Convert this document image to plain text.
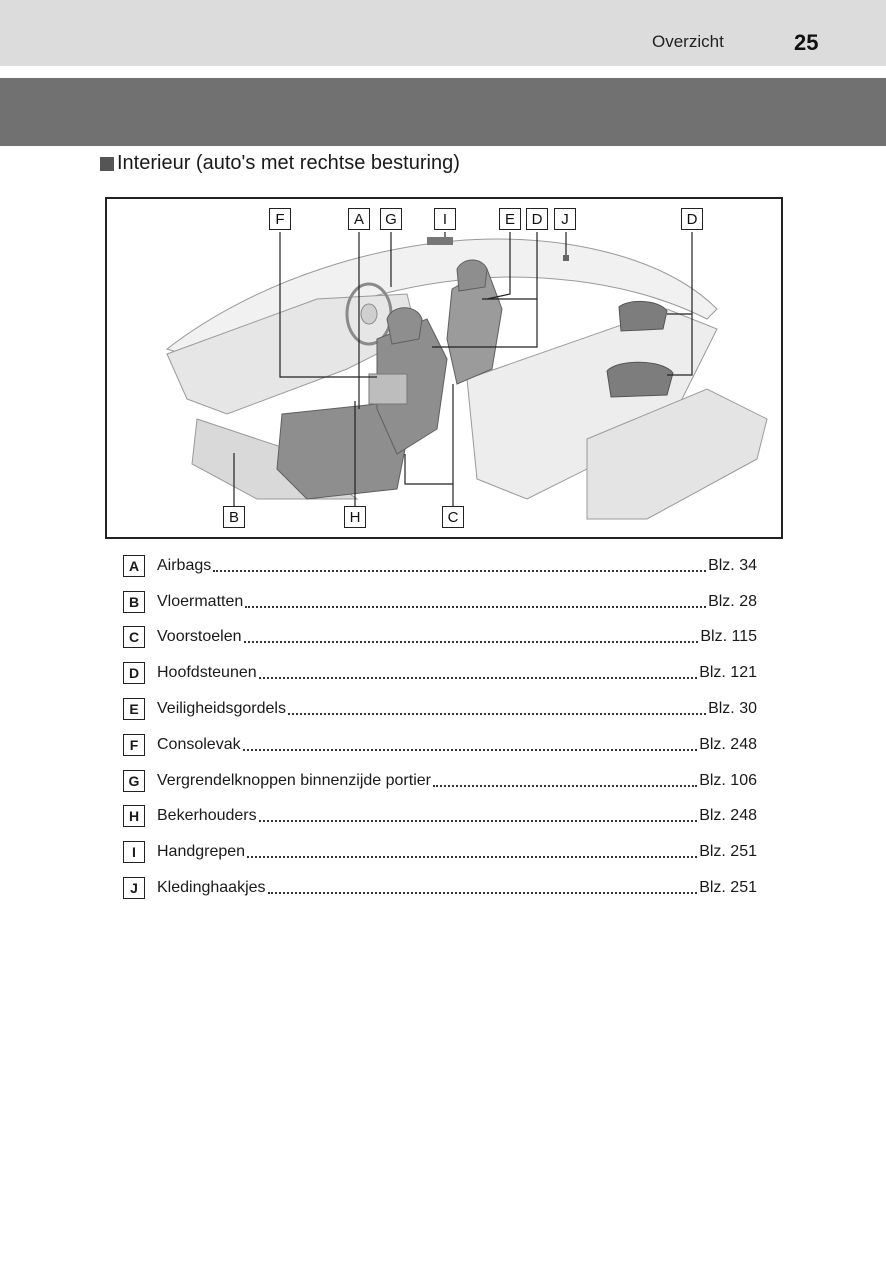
Overzicht	25
Interieur (auto's met rechtse besturing)
F	A	G	I	E	D	J	D
B	H	C
A	Airbags	Blz. 34
B	Vloermatten	Blz. 28
C	Voorstoelen	Blz. 115
D	Hoofdsteunen	Blz. 121
E	Veiligheidsgordels	Blz. 30
F	Consolevak	Blz. 248
G	Vergrendelknoppen binnenzijde portier	Blz. 106
H	Bekerhouders	Blz. 248
I	Handgrepen	Blz. 251
J	Kledinghaakjes	Blz. 251
